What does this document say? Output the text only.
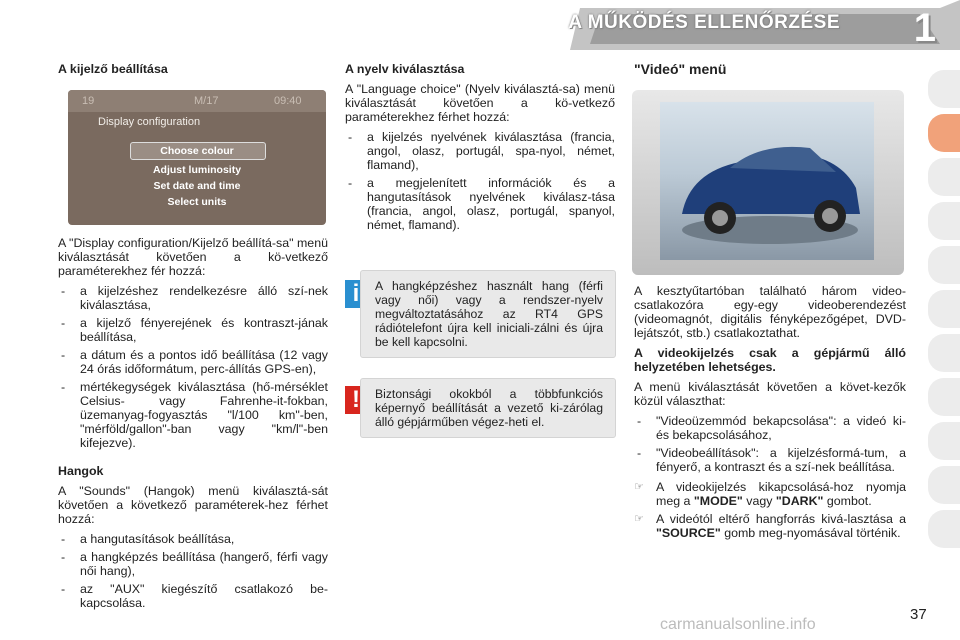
A MŰKÖDÉS ELLENŐRZÉSE 1
A kijelző beállítása
19	M/17	09:40
Display configuration
Choose colour
Adjust luminosity
Set date and time
Select units

A "Display configuration/Kijelző beállítá-sa" menü kiválasztását követően a kö-vetkező paraméterekhez fér hozzá:

- a kijelzéshez rendelkezésre álló szí-nek kiválasztása,
- a kijelző fényerejének és kontraszt-jának beállítása,
- a dátum és a pontos idő beállítása (12 vagy 24 órás időformátum, perc-állítás GPS-en),
- mértékegységek kiválasztása (hő-mérséklet Celsius- vagy Fahrenhe-it-fokban, üzemanyag-fogyasztás "l/100 km"-ben, "mérföld/gallon"-ban vagy "km/l"-ben kifejezve).
Hangok

A "Sounds" (Hangok) menü kiválasztá-sát követően a következő paraméterek-hez férhet hozzá:

- a hangutasítások beállítása,
- a hangképzés beállítása (hangerő, férfi vagy női hang),
- az "AUX" kiegészítő csatlakozó be-kapcsolása.
A nyelv kiválasztása

A "Language choice" (Nyelv kiválasztá-sa) menü kiválasztását követően a kö-vetkező paraméterekhez férhet hozzá:

- a kijelzés nyelvének kiválasztása (francia, angol, olasz, portugál, spa-nyol, német, flamand),
- a megjelenített információk és a hangutasítások nyelvének kiválasz-tása (francia, angol, olasz, portugál, spanyol, német, flamand).
i	A hangképzéshez használt hang (férfi vagy női) vagy a rendszer-nyelv megváltoztatásához az RT4 GPS rádiótelefont újra kell iniciali-zálni és újra be kell kapcsolni.
!	Biztonsági okokból a többfunkciós képernyő beállítását a vezető ki-zárólag álló gépjárműben végez-heti el.
"Videó" menü

A kesztyűtartóban található három video-csatlakozóra egy-egy videoberendezést (videomagnót, digitális fényképezőgépet, DVD-lejátszót, stb.) csatlakoztathat.

A videokijelzés csak a gépjármű álló helyzetében lehetséges.

A menü kiválasztását követően a követ-kezők közül választhat:

- "Videoüzemmód bekapcsolása": a videó ki- és bekapcsolásához,
- "Videobeállítások": a kijelzésformá-tum, a fényerő, a kontraszt és a szí-nek beállítása.
☞ A videokijelzés kikapcsolásá-hoz nyomja meg a "MODE" vagy "DARK" gombot.
☞ A videótól eltérő hangforrás kivá-lasztása a "SOURCE" gomb meg-nyomásával történik.
37
carmanualsonline.info
